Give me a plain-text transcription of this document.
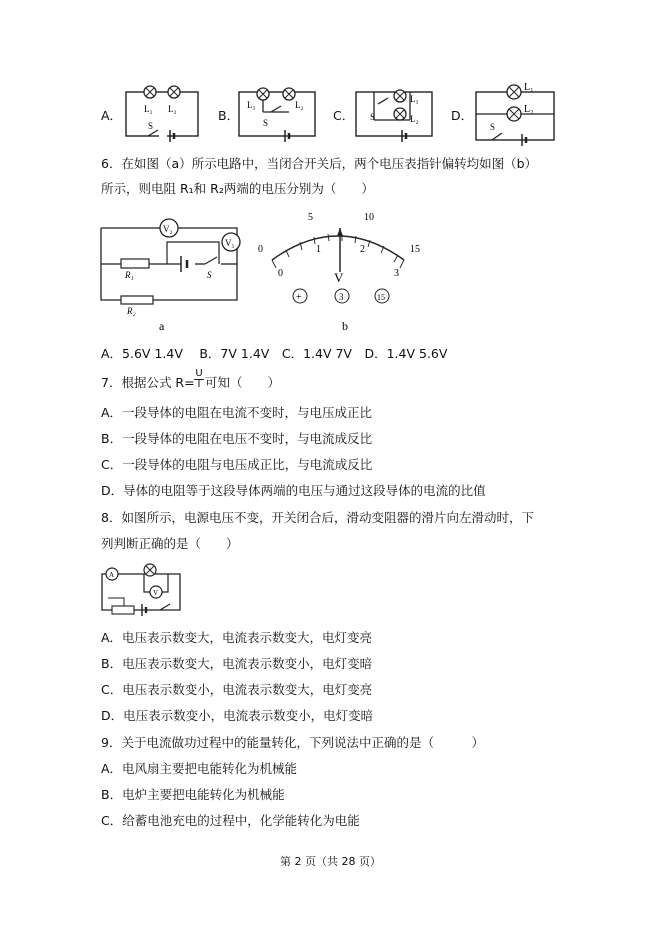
A． L₁ L₂
S
B．
L₁	L₂
S	C．
L₁
L₂
S	D．
L₁
L₂
S
6．在如图（a）所示电路中，当闭合开关后，两个电压表指针偏转均如图（b）
所示，则电阻 R₁和 R₂两端的电压分别为（　　）
V₂
V₁
R₁
R₂
S
a
0
5	10
15
0
1	2
3
V
+	3	15
b
A．5.6V 1.4V　 B．7V 1.4V　C．1.4V 7V　D．1.4V 5.6V
7．根据公式 $R= \frac{U}{I}$ 可知（　　）
A．一段导体的电阻在电流不变时，与电压成正比
B．一段导体的电阻在电压不变时，与电流成反比
C．一段导体的电阻与电压成正比，与电流成反比
D．导体的电阻等于这段导体两端的电压与通过这段导体的电流的比值
8．如图所示，电源电压不变，开关闭合后，滑动变阻器的滑片向左滑动时，下
列判断正确的是（　　）
A
V
A．电压表示数变大，电流表示数变大，电灯变亮
B．电压表示数变大，电流表示数变小，电灯变暗
C．电压表示数变小，电流表示数变大，电灯变亮
D．电压表示数变小，电流表示数变小，电灯变暗
9．关于电流做功过程中的能量转化，下列说法中正确的是（　　　）
A．电风扇主要把电能转化为机械能
B．电炉主要把电能转化为机械能
C．给蓄电池充电的过程中，化学能转化为电能
第 2 页（共 28 页）
